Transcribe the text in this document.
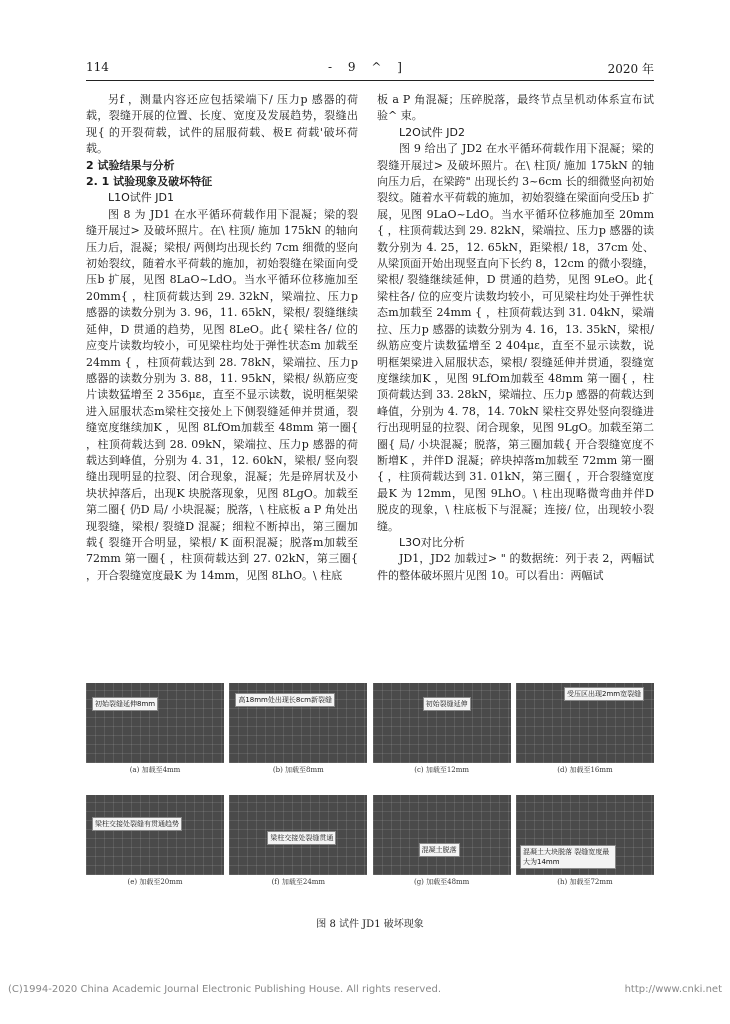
114	- 9 ^ ]	2020 年

另f ，测量内容还应包括梁端下/ 压力p 感器的荷载，裂缝开展的位置、长度、宽度及发展趋势，裂缝出现{ 的开裂荷载，试件的屈服荷载、极E 荷载'破坏荷载。

2 试验结果与分析

2. 1 试验现象及破坏特征

L1O试件 JD1

图 8 为 JD1 在水平循环荷载作用下混凝；梁的裂缝开展过> 及破坏照片。在\ 柱顶/ 施加 175kN 的轴向压力后，混凝；梁根/ 两侧均出现长约 7cm 细微的竖向初始裂纹，随着水平荷载的施加，初始裂缝在梁面向受压b 扩展，见图 8LaO~LdO。当水平循环位移施加至 20mm{ ，柱顶荷载达到 29. 32kN，梁端拉、压力p 感器的读数分别为 3. 96，11. 65kN，梁根/ 裂缝继续延伸，D 贯通的趋势，见图 8LeO。此{ 梁柱各/ 位的应变片读数均较小，可见梁柱均处于弹性状态m 加载至 24mm { ，柱顶荷载达到 28. 78kN，梁端拉、压力p 感器的读数分别为 3. 88，11. 95kN，梁根/ 纵筋应变片读数猛增至 2 356με，直至不显示读数，说明框架梁进入屈服状态m梁柱交接处上下侧裂缝延伸并贯通，裂缝宽度继续加K ，见图 8LfOm加载至 48mm 第一圈{ ，柱顶荷载达到 28. 09kN，梁端拉、压力p 感器的荷载达到峰值，分别为 4. 31，12. 60kN，梁根/ 竖向裂缝出现明显的拉裂、闭合现象，混凝；先是碎屑状及小块状掉落后，出现K 块脱落现象，见图 8LgO。加载至第二圈{ 仍D 局/ 小块混凝；脱落，\ 柱底板 a P 角处出现裂缝，梁根/ 裂缝D 混凝；细粒不断掉出，第三圈加载{ 裂缝开合明显，梁根/ K 面积混凝；脱落m加载至 72mm 第一圈{ ，柱顶荷载达到 27. 02kN，第三圈{ ，开合裂缝宽度最K 为 14mm，见图 8LhO。\ 柱底

板 a P 角混凝；压碎脱落，最终节点呈机动体系宣布试验^ 束。

L2O试件 JD2

图 9 给出了 JD2 在水平循环荷载作用下混凝；梁的裂缝开展过> 及破坏照片。在\ 柱顶/ 施加 175kN 的轴向压力后，在梁跨" 出现长约 3~6cm 长的细微竖向初始裂纹。随着水平荷载的施加，初始裂缝在梁面向受压b 扩展，见图 9LaO~LdO。当水平循环位移施加至 20mm { ，柱顶荷载达到 29. 82kN，梁端拉、压力p 感器的读数分别为 4. 25，12. 65kN，距梁根/ 18，37cm 处、从梁顶面开始出现竖直向下长约 8，12cm 的微小裂缝，梁根/ 裂缝继续延伸，D 贯通的趋势，见图 9LeO。此{ 梁柱各/ 位的应变片读数均较小，可见梁柱均处于弹性状态m加载至 24mm { ，柱顶荷载达到 31. 04kN，梁端拉、压力p 感器的读数分别为 4. 16，13. 35kN，梁根/ 纵筋应变片读数猛增至 2 404με，直至不显示读数，说明框架梁进入屈服状态，梁根/ 裂缝延伸并贯通，裂缝宽度继续加K ，见图 9LfOm加载至 48mm 第一圈{ ，柱顶荷载达到 33. 28kN，梁端拉、压力p 感器的荷载达到峰值，分别为 4. 78，14. 70kN 梁柱交界处竖向裂缝进行出现明显的拉裂、闭合现象，见图 9LgO。加载至第二圈{ 局/ 小块混凝；脱落，第三圈加载{ 开合裂缝宽度不断增K ，并伴D 混凝；碎块掉落m加载至 72mm 第一圈{ ，柱顶荷载达到 31. 01kN，第三圈{ ，开合裂缝宽度最K 为 12mm，见图 9LhO。\ 柱出现略微弯曲并伴D 脱皮的现象，\ 柱底板下与混凝；连接/ 位，出现较小裂缝。

L3O对比分析

JD1，JD2 加载过> " 的数据统：列于表 2，两幅试件的整体破坏照片见图 10。可以看出：两幅试

初始裂缝延伸8mm
(a) 加载至4mm
高18mm处出现长8cm新裂缝
(b) 加载至8mm
初始裂缝延伸
(c) 加载至12mm
受压区出现2mm宽裂缝
(d) 加载至16mm
梁柱交接处裂缝有贯通趋势
(e) 加载至20mm
梁柱交接处裂缝贯通
(f) 加载至24mm
混凝土脱落
(g) 加载至48mm
混凝土大块脱落 裂缝宽度最大为14mm
(h) 加载至72mm
图 8 试件 JD1 破坏现象
(C)1994-2020 China Academic Journal Electronic Publishing House. All rights reserved.	http://www.cnki.net
